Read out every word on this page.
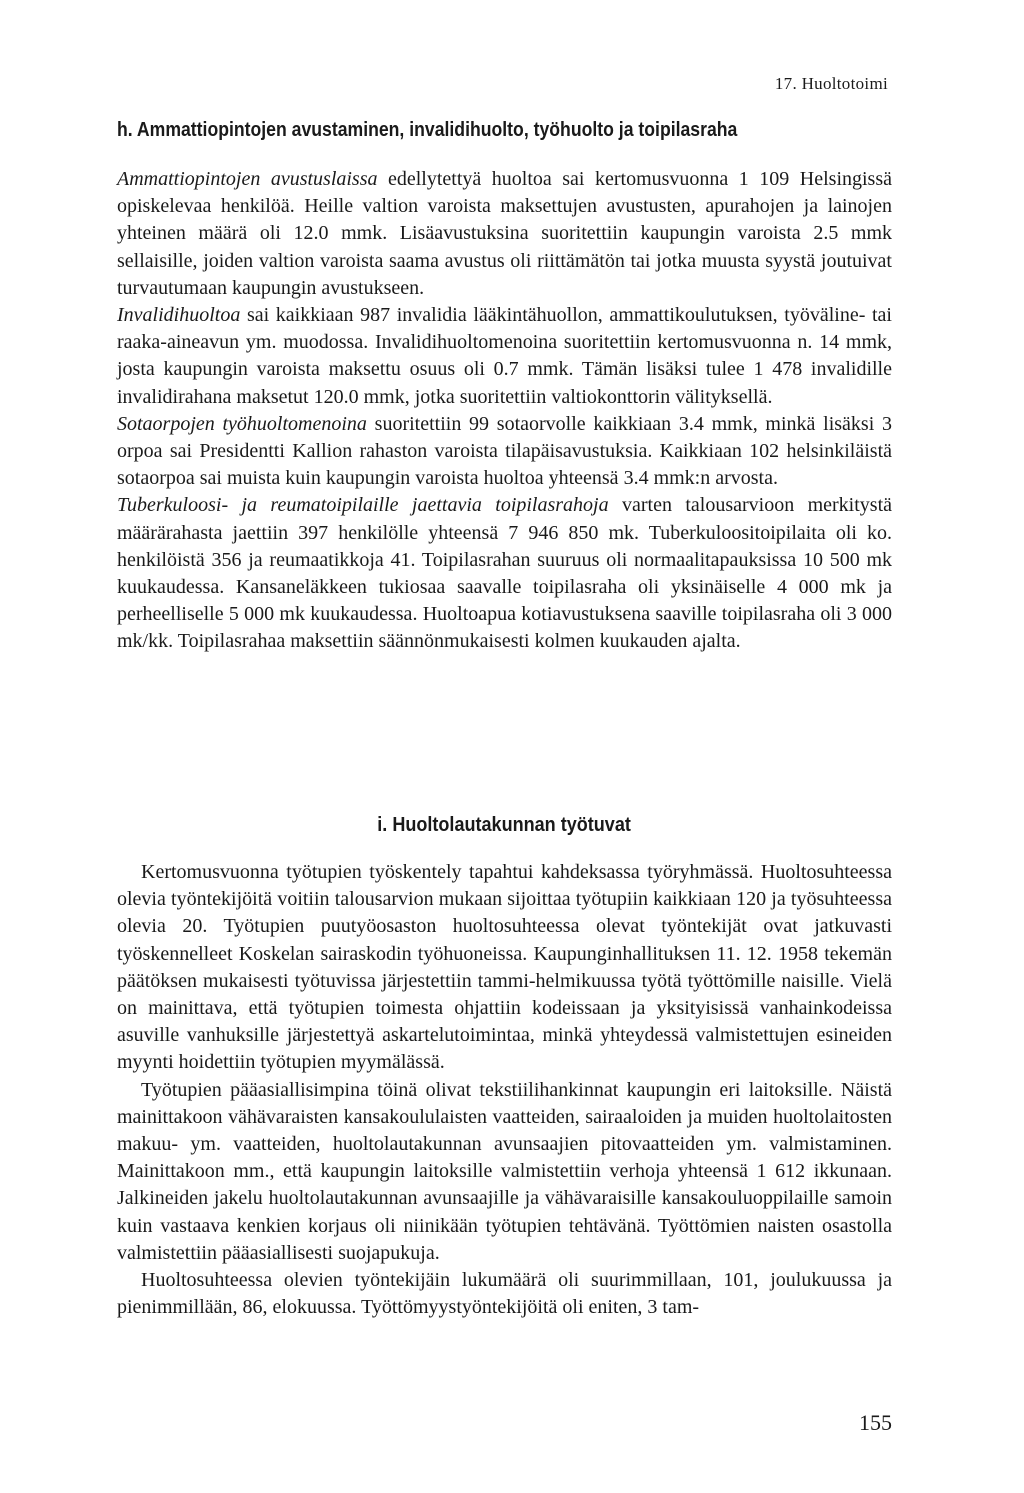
17. Huoltotoimi
h. Ammattiopintojen avustaminen, invalidihuolto, työhuolto ja toipilasraha

Ammattiopintojen avustuslaissa edellytettyä huoltoa sai kertomusvuonna 1 109 Helsingissä opiskelevaa henkilöä. Heille valtion varoista maksettujen avustusten, apurahojen ja lainojen yhteinen määrä oli 12.0 mmk. Lisäavustuksina suoritettiin kaupungin varoista 2.5 mmk sellaisille, joiden valtion varoista saama avustus oli riittämätön tai jotka muusta syystä joutuivat turvautumaan kaupungin avustukseen.

Invalidihuoltoa sai kaikkiaan 987 invalidia lääkintähuollon, ammattikoulutuksen, työväline- tai raaka-aineavun ym. muodossa. Invalidihuoltomenoina suoritettiin kertomusvuonna n. 14 mmk, josta kaupungin varoista maksettu osuus oli 0.7 mmk. Tämän lisäksi tulee 1 478 invalidille invalidirahana maksetut 120.0 mmk, jotka suoritettiin valtiokonttorin välityksellä.

Sotaorpojen työhuoltomenoina suoritettiin 99 sotaorvolle kaikkiaan 3.4 mmk, minkä lisäksi 3 orpoa sai Presidentti Kallion rahaston varoista tilapäisavustuksia. Kaikkiaan 102 helsinkiläistä sotaorpoa sai muista kuin kaupungin varoista huoltoa yhteensä 3.4 mmk:n arvosta.

Tuberkuloosi- ja reumatoipilaille jaettavia toipilasrahoja varten talousarvioon merkitystä määrärahasta jaettiin 397 henkilölle yhteensä 7 946 850 mk. Tuberkuloositoipilaita oli ko. henkilöistä 356 ja reumaatikkoja 41. Toipilasrahan suuruus oli normaalitapauksissa 10 500 mk kuukaudessa. Kansaneläkkeen tukiosaa saavalle toipilasraha oli yksinäiselle 4 000 mk ja perheelliselle 5 000 mk kuukaudessa. Huoltoapua kotiavustuksena saaville toipilasraha oli 3 000 mk/kk. Toipilasrahaa maksettiin säännönmukaisesti kolmen kuukauden ajalta.

i. Huoltolautakunnan työtuvat

Kertomusvuonna työtupien työskentely tapahtui kahdeksassa työryhmässä. Huoltosuhteessa olevia työntekijöitä voitiin talousarvion mukaan sijoittaa työtupiin kaikkiaan 120 ja työsuhteessa olevia 20. Työtupien puutyöosaston huoltosuhteessa olevat työntekijät ovat jatkuvasti työskennelleet Koskelan sairaskodin työhuoneissa. Kaupunginhallituksen 11. 12. 1958 tekemän päätöksen mukaisesti työtuvissa järjestettiin tammi-helmikuussa työtä työttömille naisille. Vielä on mainittava, että työtupien toimesta ohjattiin kodeissaan ja yksityisissä vanhainkodeissa asuville vanhuksille järjestettyä askartelutoimintaa, minkä yhteydessä valmistettujen esineiden myynti hoidettiin työtupien myymälässä.

Työtupien pääasiallisimpina töinä olivat tekstiilihankinnat kaupungin eri laitoksille. Näistä mainittakoon vähävaraisten kansakoululaisten vaatteiden, sairaaloiden ja muiden huoltolaitosten makuu- ym. vaatteiden, huoltolautakunnan avunsaajien pitovaatteiden ym. valmistaminen. Mainittakoon mm., että kaupungin laitoksille valmistettiin verhoja yhteensä 1 612 ikkunaan. Jalkineiden jakelu huoltolautakunnan avunsaajille ja vähävaraisille kansakouluoppilaille samoin kuin vastaava kenkien korjaus oli niinikään työtupien tehtävänä. Työttömien naisten osastolla valmistettiin pääasiallisesti suojapukuja.

Huoltosuhteessa olevien työntekijäin lukumäärä oli suurimmillaan, 101, joulukuussa ja pienimmillään, 86, elokuussa. Työttömyystyöntekijöitä oli eniten, 3 tam-

155
